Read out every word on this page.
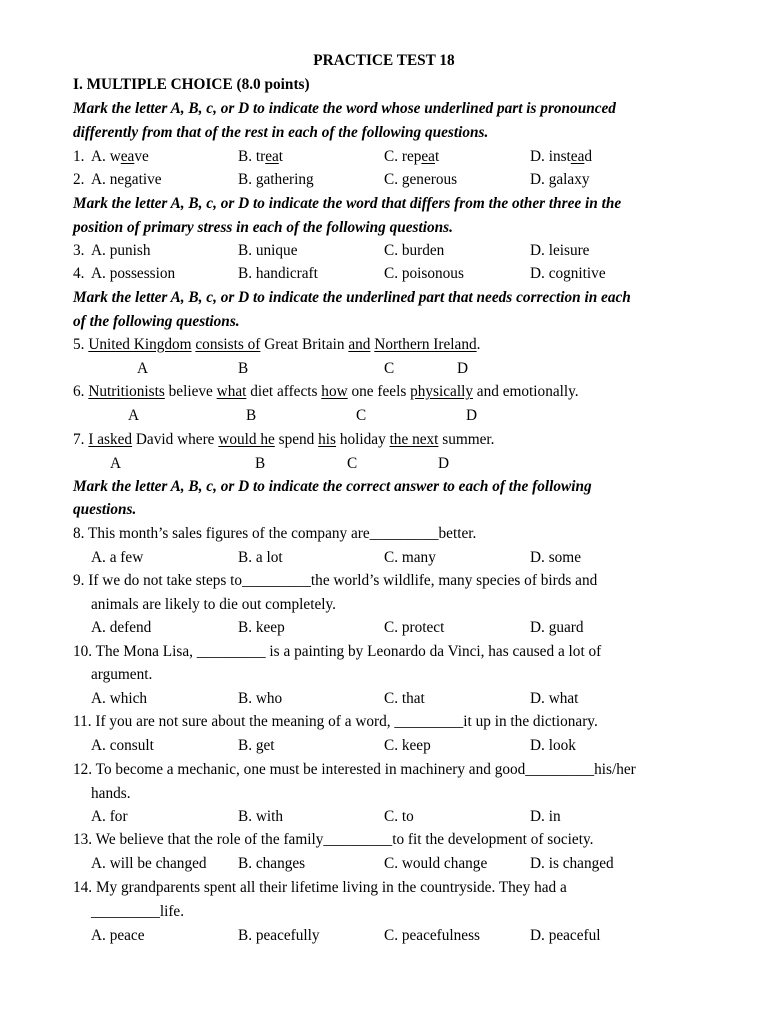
PRACTICE TEST 18
I. MULTIPLE CHOICE (8.0 points)
Mark the letter A, B, c, or D to indicate the word whose underlined part is pronounced
differently from that of the rest in each of the following questions.
1. A. weave	B. treat	C. repeat	D. instead
2. A. negative	B. gathering	C. generous	D. galaxy
Mark the letter A, B, c, or D to indicate the word that differs from the other three in the
position of primary stress in each of the following questions.
3. A. punish	B. unique	C. burden	D. leisure
4. A. possession	B. handicraft	C. poisonous	D. cognitive
Mark the letter A, B, c, or D to indicate the underlined part that needs correction in each
of the following questions.
5. United Kingdom consists of Great Britain and Northern Ireland.
A	B	C	D
6. Nutritionists believe what diet affects how one feels physically and emotionally.
A	B	C	D
7. I asked David where would he spend his holiday the next summer.
A	B	C	D
Mark the letter A, B, c, or D to indicate the correct answer to each of the following
questions.
8. This month’s sales figures of the company are_________better.
A. a few	B. a lot	C. many	D. some
9. If we do not take steps to_________the world’s wildlife, many species of birds and
animals are likely to die out completely.
A. defend	B. keep	C. protect	D. guard
10. The Mona Lisa, _________ is a painting by Leonardo da Vinci, has caused a lot of
argument.
A. which	B. who	C. that	D. what
11. If you are not sure about the meaning of a word, _________it up in the dictionary.
A. consult	B. get	C. keep	D. look
12. To become a mechanic, one must be interested in machinery and good_________his/her
hands.
A. for	B. with	C. to	D. in
13. We believe that the role of the family_________to fit the development of society.
A. will be changed B. changes	C. would change	D. is changed
14. My grandparents spent all their lifetime living in the countryside. They had a
_________life.
A. peace	B. peacefully	C. peacefulness	D. peaceful
